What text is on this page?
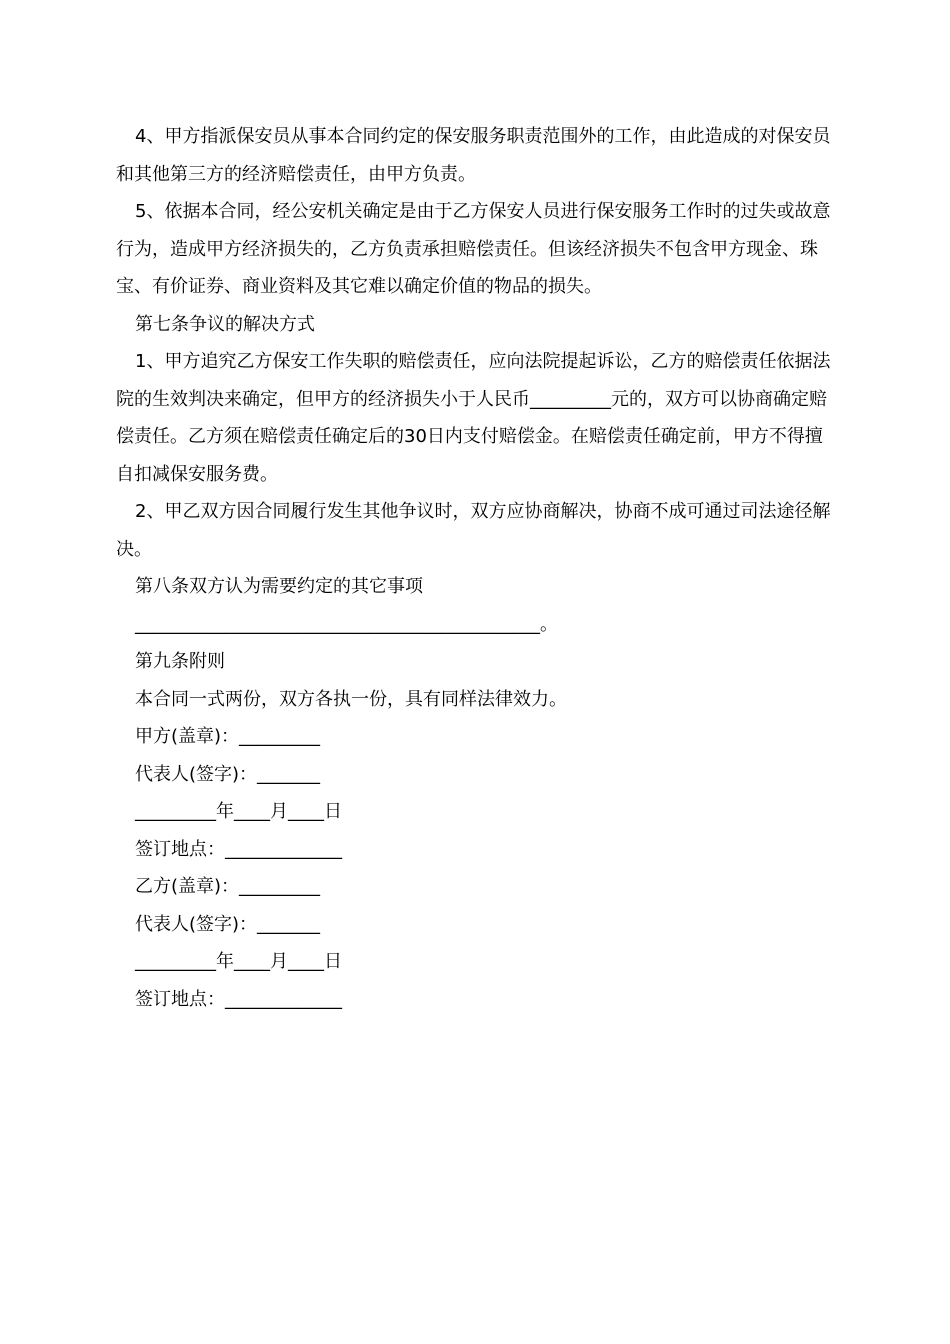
4、甲方指派保安员从事本合同约定的保安服务职责范围外的工作，由此造成的对保安员和其他第三方的经济赔偿责任，由甲方负责。

5、依据本合同，经公安机关确定是由于乙方保安人员进行保安服务工作时的过失或故意行为，造成甲方经济损失的，乙方负责承担赔偿责任。但该经济损失不包含甲方现金、珠宝、有价证券、商业资料及其它难以确定价值的物品的损失。

第七条争议的解决方式

1、甲方追究乙方保安工作失职的赔偿责任，应向法院提起诉讼，乙方的赔偿责任依据法院的生效判决来确定，但甲方的经济损失小于人民币_________元的，双方可以协商确定赔偿责任。乙方须在赔偿责任确定后的30日内支付赔偿金。在赔偿责任确定前，甲方不得擅自扣减保安服务费。

2、甲乙双方因合同履行发生其他争议时，双方应协商解决，协商不成可通过司法途径解决。

第八条双方认为需要约定的其它事项

_____________________________________________。

第九条附则

本合同一式两份，双方各执一份，具有同样法律效力。

甲方(盖章)：_________

代表人(签字)：_______

_________年____月____日

签订地点：_____________

乙方(盖章)：_________

代表人(签字)：_______

_________年____月____日

签订地点：_____________
